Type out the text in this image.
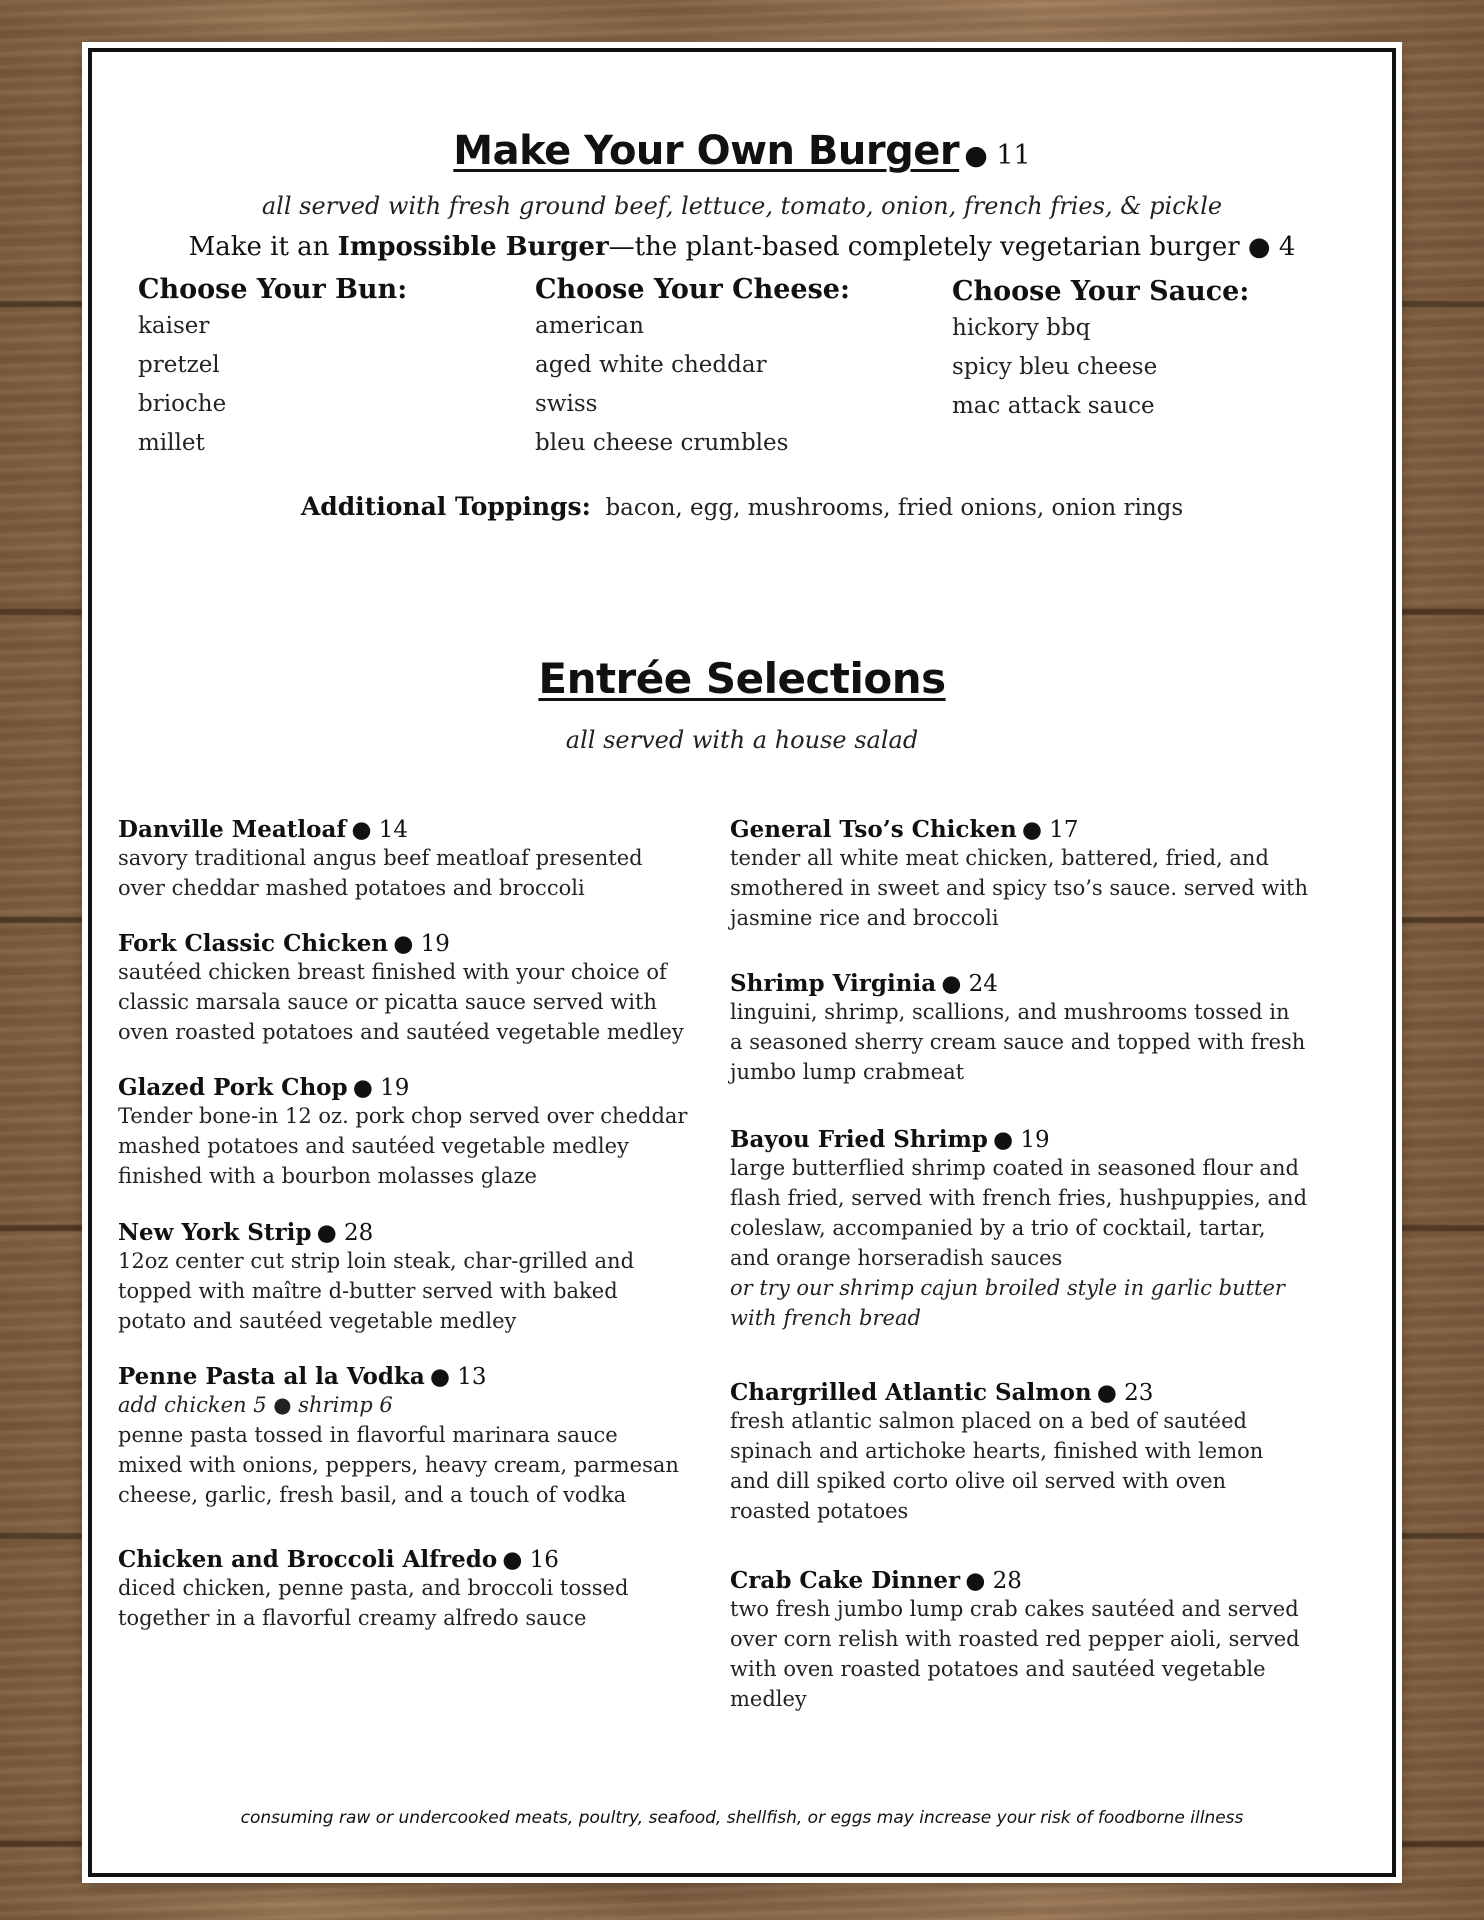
Make Your Own Burger ● 11
all served with fresh ground beef, lettuce, tomato, onion, french fries, & pickle
Make it an Impossible Burger—the plant-based completely vegetarian burger ● 4
Choose Your Bun:
kaiser
pretzel
brioche
millet
Choose Your Cheese:
american
aged white cheddar
swiss
bleu cheese crumbles
Choose Your Sauce:
hickory bbq
spicy bleu cheese
mac attack sauce
Additional Toppings: bacon, egg, mushrooms, fried onions, onion rings
Entrée Selections
all served with a house salad
Danville Meatloaf ● 14
savory traditional angus beef meatloaf presented over cheddar mashed potatoes and broccoli
Fork Classic Chicken ● 19
sautéed chicken breast finished with your choice of classic marsala sauce or picatta sauce served with oven roasted potatoes and sautéed vegetable medley
Glazed Pork Chop ● 19
Tender bone-in 12 oz. pork chop served over cheddar mashed potatoes and sautéed vegetable medley finished with a bourbon molasses glaze
New York Strip ● 28
12oz center cut strip loin steak, char-grilled and topped with maître d-butter served with baked potato and sautéed vegetable medley
Penne Pasta al la Vodka ● 13
add chicken 5 ● shrimp 6
penne pasta tossed in flavorful marinara sauce mixed with onions, peppers, heavy cream, parmesan cheese, garlic, fresh basil, and a touch of vodka
Chicken and Broccoli Alfredo ● 16
diced chicken, penne pasta, and broccoli tossed together in a flavorful creamy alfredo sauce
General Tso’s Chicken ● 17
tender all white meat chicken, battered, fried, and smothered in sweet and spicy tso’s sauce. served with jasmine rice and broccoli
Shrimp Virginia ● 24
linguini, shrimp, scallions, and mushrooms tossed in a seasoned sherry cream sauce and topped with fresh jumbo lump crabmeat
Bayou Fried Shrimp ● 19
large butterflied shrimp coated in seasoned flour and flash fried, served with french fries, hushpuppies, and coleslaw, accompanied by a trio of cocktail, tartar, and orange horseradish sauces
or try our shrimp cajun broiled style in garlic butter with french bread
Chargrilled Atlantic Salmon ● 23
fresh atlantic salmon placed on a bed of sautéed spinach and artichoke hearts, finished with lemon and dill spiked corto olive oil served with oven roasted potatoes
Crab Cake Dinner ● 28
two fresh jumbo lump crab cakes sautéed and served over corn relish with roasted red pepper aioli, served with oven roasted potatoes and sautéed vegetable medley
consuming raw or undercooked meats, poultry, seafood, shellfish, or eggs may increase your risk of foodborne illness
